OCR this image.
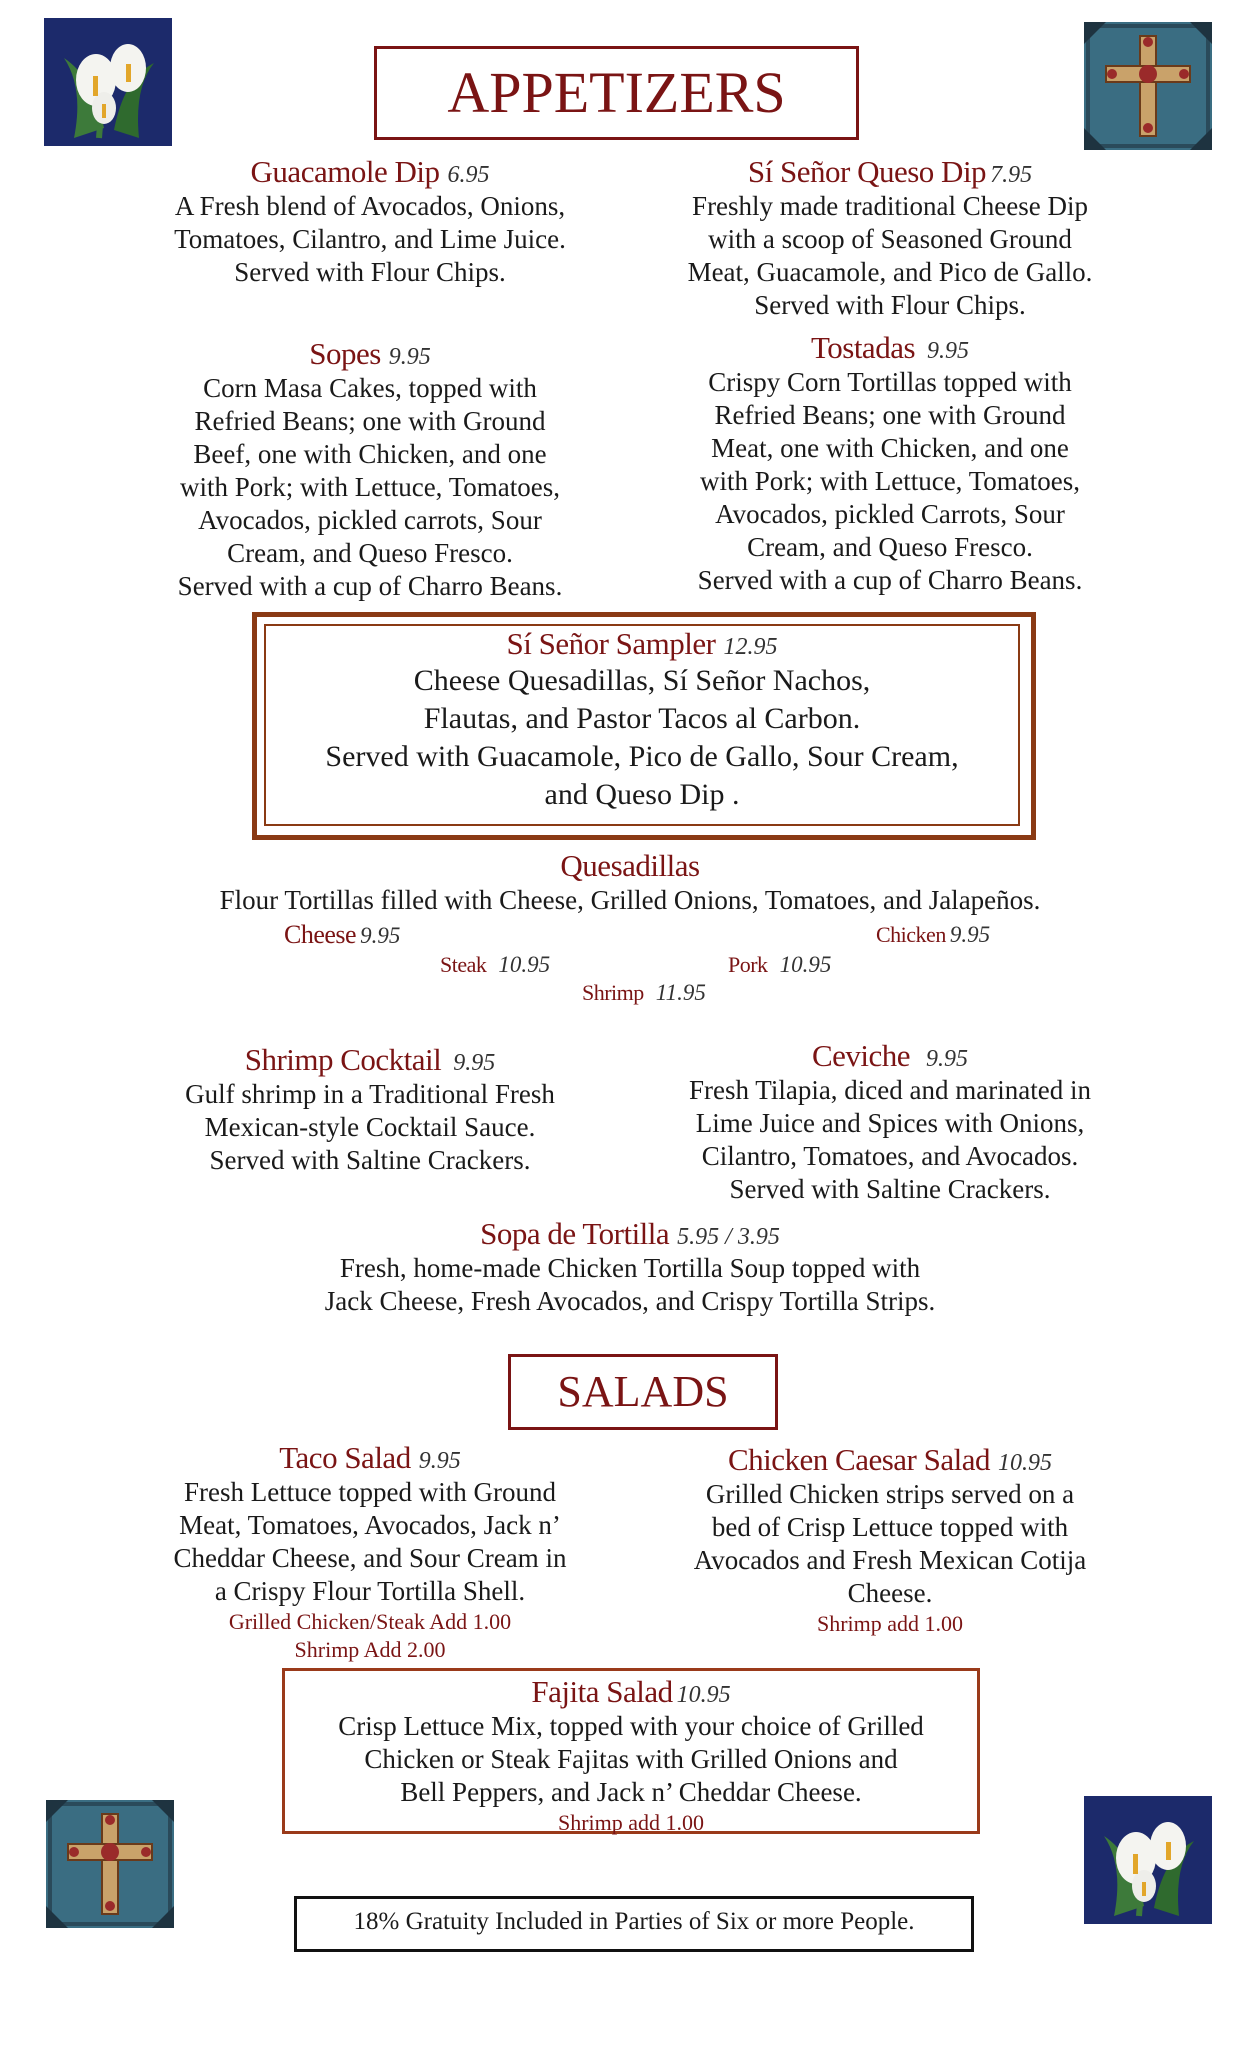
APPETIZERS
Guacamole Dip 6.95
A Fresh blend of Avocados, Onions,
Tomatoes, Cilantro, and Lime Juice.
Served with Flour Chips.
Sí Señor Queso Dip 7.95
Freshly made traditional Cheese Dip
with a scoop of Seasoned Ground
Meat, Guacamole, and Pico de Gallo.
Served with Flour Chips.
Sopes 9.95
Corn Masa Cakes, topped with
Refried Beans; one with Ground
Beef, one with Chicken, and one
with Pork; with Lettuce, Tomatoes,
Avocados, pickled carrots, Sour
Cream, and Queso Fresco.
Served with a cup of Charro Beans.
Tostadas 9.95
Crispy Corn Tortillas topped with
Refried Beans; one with Ground
Meat, one with Chicken, and one
with Pork; with Lettuce, Tomatoes,
Avocados, pickled Carrots, Sour
Cream, and Queso Fresco.
Served with a cup of Charro Beans.
Sí Señor Sampler 12.95
Cheese Quesadillas, Sí Señor Nachos,
Flautas, and Pastor Tacos al Carbon.
Served with Guacamole, Pico de Gallo, Sour Cream,
and Queso Dip .
Quesadillas
Flour Tortillas filled with Cheese, Grilled Onions, Tomatoes, and Jalapeños.
Cheese 9.95	Chicken 9.95
Steak 10.95	Pork 10.95
Shrimp 11.95
Shrimp Cocktail 9.95
Gulf shrimp in a Traditional Fresh
Mexican-style Cocktail Sauce.
Served with Saltine Crackers.
Ceviche 9.95
Fresh Tilapia, diced and marinated in
Lime Juice and Spices with Onions,
Cilantro, Tomatoes, and Avocados.
Served with Saltine Crackers.
Sopa de Tortilla 5.95 / 3.95
Fresh, home-made Chicken Tortilla Soup topped with
Jack Cheese, Fresh Avocados, and Crispy Tortilla Strips.
SALADS
Taco Salad 9.95
Fresh Lettuce topped with Ground
Meat, Tomatoes, Avocados, Jack n’
Cheddar Cheese, and Sour Cream in
a Crispy Flour Tortilla Shell.
Grilled Chicken/Steak Add 1.00
Shrimp Add 2.00
Chicken Caesar Salad 10.95
Grilled Chicken strips served on a
bed of Crisp Lettuce topped with
Avocados and Fresh Mexican Cotija
Cheese.
Shrimp add 1.00
Fajita Salad 10.95
Crisp Lettuce Mix, topped with your choice of Grilled
Chicken or Steak Fajitas with Grilled Onions and
Bell Peppers, and Jack n’ Cheddar Cheese.
Shrimp add 1.00
18% Gratuity Included in Parties of Six or more People.
